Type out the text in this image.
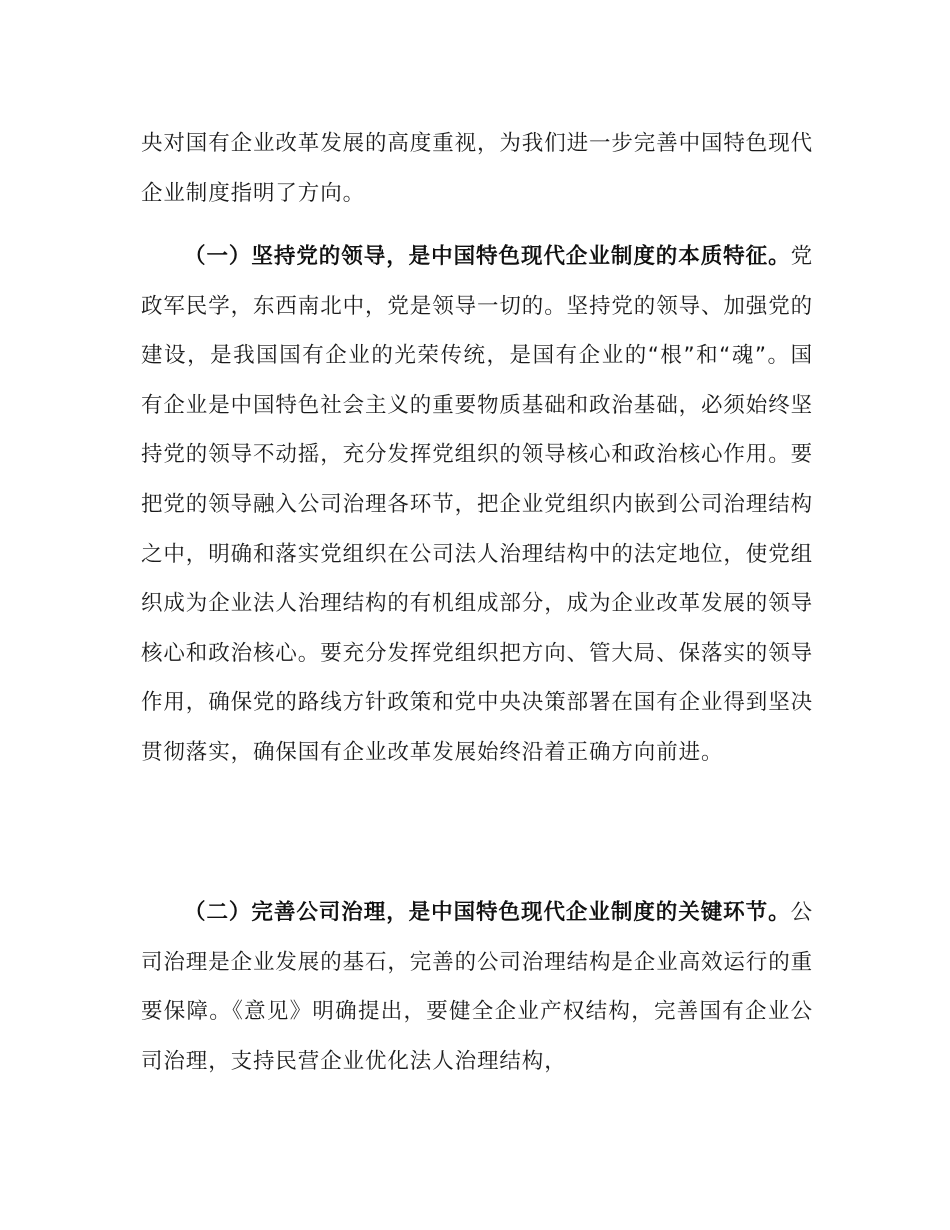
央对国有企业改革发展的高度重视，为我们进一步完善中国特色现代企业制度指明了方向。

（一）坚持党的领导，是中国特色现代企业制度的本质特征。党政军民学，东西南北中，党是领导一切的。坚持党的领导、加强党的建设，是我国国有企业的光荣传统，是国有企业的“根”和“魂”。国有企业是中国特色社会主义的重要物质基础和政治基础，必须始终坚持党的领导不动摇，充分发挥党组织的领导核心和政治核心作用。要把党的领导融入公司治理各环节，把企业党组织内嵌到公司治理结构之中，明确和落实党组织在公司法人治理结构中的法定地位，使党组织成为企业法人治理结构的有机组成部分，成为企业改革发展的领导核心和政治核心。要充分发挥党组织把方向、管大局、保落实的领导作用，确保党的路线方针政策和党中央决策部署在国有企业得到坚决贯彻落实，确保国有企业改革发展始终沿着正确方向前进。

（二）完善公司治理，是中国特色现代企业制度的关键环节。公司治理是企业发展的基石，完善的公司治理结构是企业高效运行的重要保障。《意见》明确提出，要健全企业产权结构，完善国有企业公司治理，支持民营企业优化法人治理结构，
